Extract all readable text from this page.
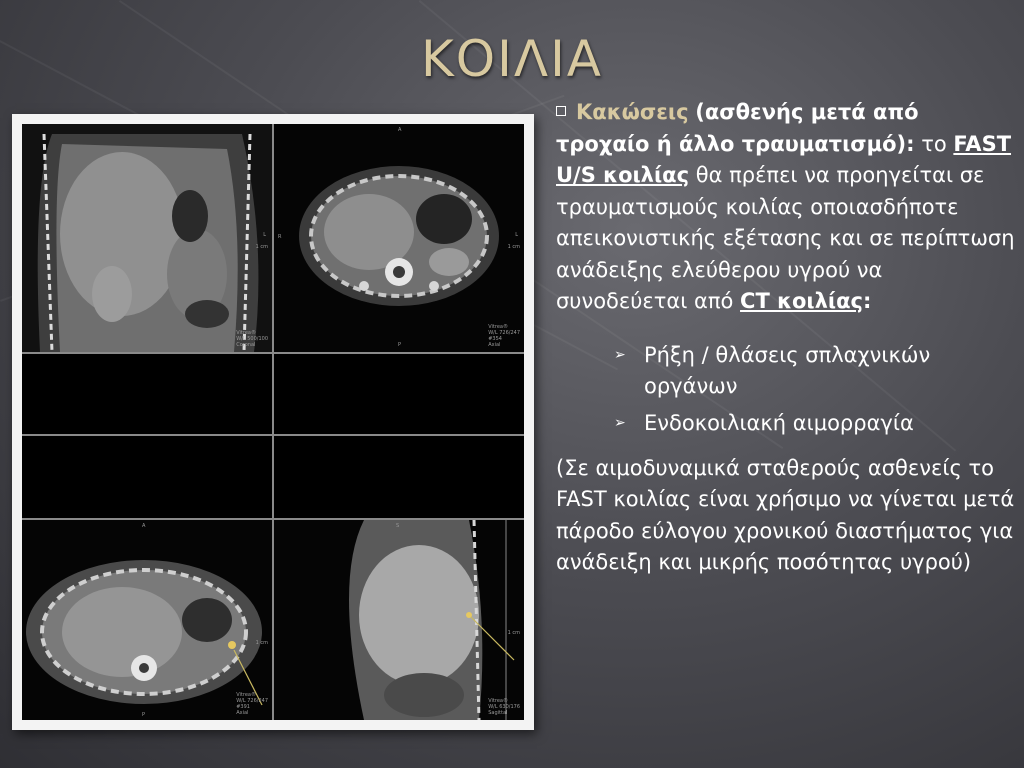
ΚΟΙΛΙΑ
L
1 cm
Vitrea®
W/L 500/100
Coronal
A
R
P
L
1 cm
Vitrea®
W/L 726/247
#354
Axial
A
P
1 cm
Vitrea®
W/L 726/247
#391
Axial
S
1 cm
Vitrea®
W/L 630/176
Sagittal
Κακώσεις (ασθενής μετά από τροχαίο ή άλλο τραυματισμό): το FAST U/S κοιλίας θα πρέπει να προηγείται σε τραυματισμούς κοιλίας οποιασδήποτε απεικονιστικής εξέτασης και σε περίπτωση ανάδειξης ελεύθερου υγρού να συνοδεύεται από CT κοιλίας:
➢ Ρήξη / θλάσεις σπλαχνικών οργάνων
➢ Ενδοκοιλιακή αιμορραγία
(Σε αιμοδυναμικά σταθερούς ασθενείς το FAST κοιλίας είναι χρήσιμο να γίνεται μετά πάροδο εύλογου χρονικού διαστήματος για ανάδειξη και μικρής ποσότητας υγρού)
